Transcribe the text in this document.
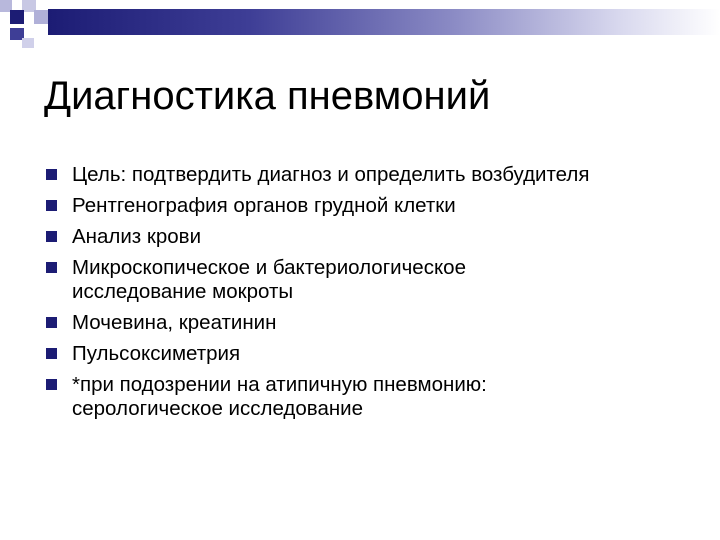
Диагностика пневмоний
Цель: подтвердить диагноз и определить возбудителя
Рентгенография органов грудной клетки
Анализ крови
Микроскопическое и бактериологическое
исследование мокроты
Мочевина, креатинин
Пульсоксиметрия
*при подозрении на атипичную пневмонию:
серологическое исследование
